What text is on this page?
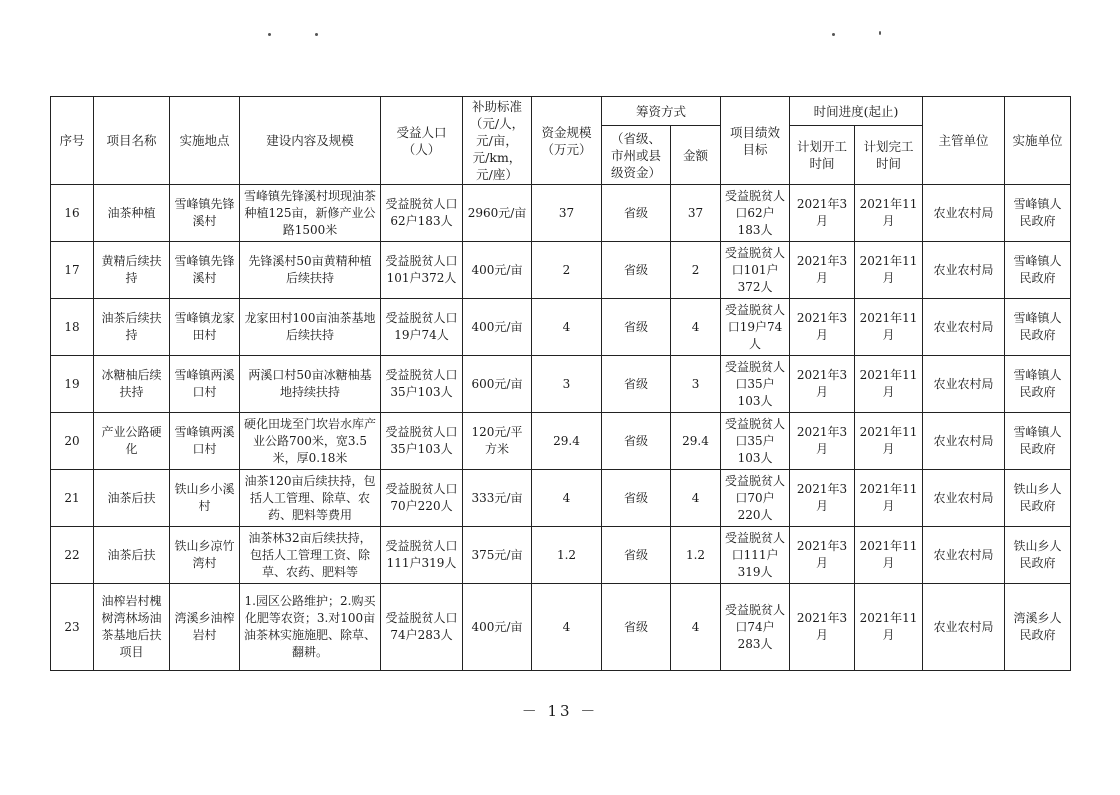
序号	项目名称	实施地点	建设内容及规模	受益人口（人）	补助标准（元/人，元/亩，元/km，元/座）	资金规模（万元）	筹资方式		项目绩效目标	时间进度(起止)		主管单位	实施单位
							（省级、市州或县级资金）	金额		计划开工时间	计划完工时间		
16	油茶种植	雪峰镇先锋溪村	雪峰镇先锋溪村坝现油茶种植125亩，新修产业公路1500米	受益脱贫人口62户183人	2960元/亩	37	省级	37	受益脱贫人口62户183人	2021年3月	2021年11月	农业农村局	雪峰镇人民政府
17	黄精后续扶持	雪峰镇先锋溪村	先锋溪村50亩黄精种植后续扶持	受益脱贫人口101户372人	400元/亩	2	省级	2	受益脱贫人口101户372人	2021年3月	2021年11月	农业农村局	雪峰镇人民政府
18	油茶后续扶持	雪峰镇龙家田村	龙家田村100亩油茶基地后续扶持	受益脱贫人口19户74人	400元/亩	4	省级	4	受益脱贫人口19户74人	2021年3月	2021年11月	农业农村局	雪峰镇人民政府
19	冰糖柚后续扶持	雪峰镇两溪口村	两溪口村50亩冰糖柚基地持续扶持	受益脱贫人口35户103人	600元/亩	3	省级	3	受益脱贫人口35户103人	2021年3月	2021年11月	农业农村局	雪峰镇人民政府
20	产业公路硬化	雪峰镇两溪口村	硬化田垅至门坎岩水库产业公路700米，宽3.5米，厚0.18米	受益脱贫人口35户103人	120元/平方米	29.4	省级	29.4	受益脱贫人口35户103人	2021年3月	2021年11月	农业农村局	雪峰镇人民政府
21	油茶后扶	铁山乡小溪村	油茶120亩后续扶持，包括人工管理、除草、农药、肥料等费用	受益脱贫人口70户220人	333元/亩	4	省级	4	受益脱贫人口70户220人	2021年3月	2021年11月	农业农村局	铁山乡人民政府
22	油茶后扶	铁山乡凉竹湾村	油茶林32亩后续扶持，包括人工管理工资、除草、农药、肥料等	受益脱贫人口111户319人	375元/亩	1.2	省级	1.2	受益脱贫人口111户319人	2021年3月	2021年11月	农业农村局	铁山乡人民政府
23	油榨岩村槐树湾林场油茶基地后扶项目	湾溪乡油榨岩村	1.园区公路维护；2.购买化肥等农资；3.对100亩油茶林实施施肥、除草、翻耕。	受益脱贫人口74户283人	400元/亩	4	省级	4	受益脱贫人口74户283人	2021年3月	2021年11月	农业农村局	湾溪乡人民政府
－ 13 －
